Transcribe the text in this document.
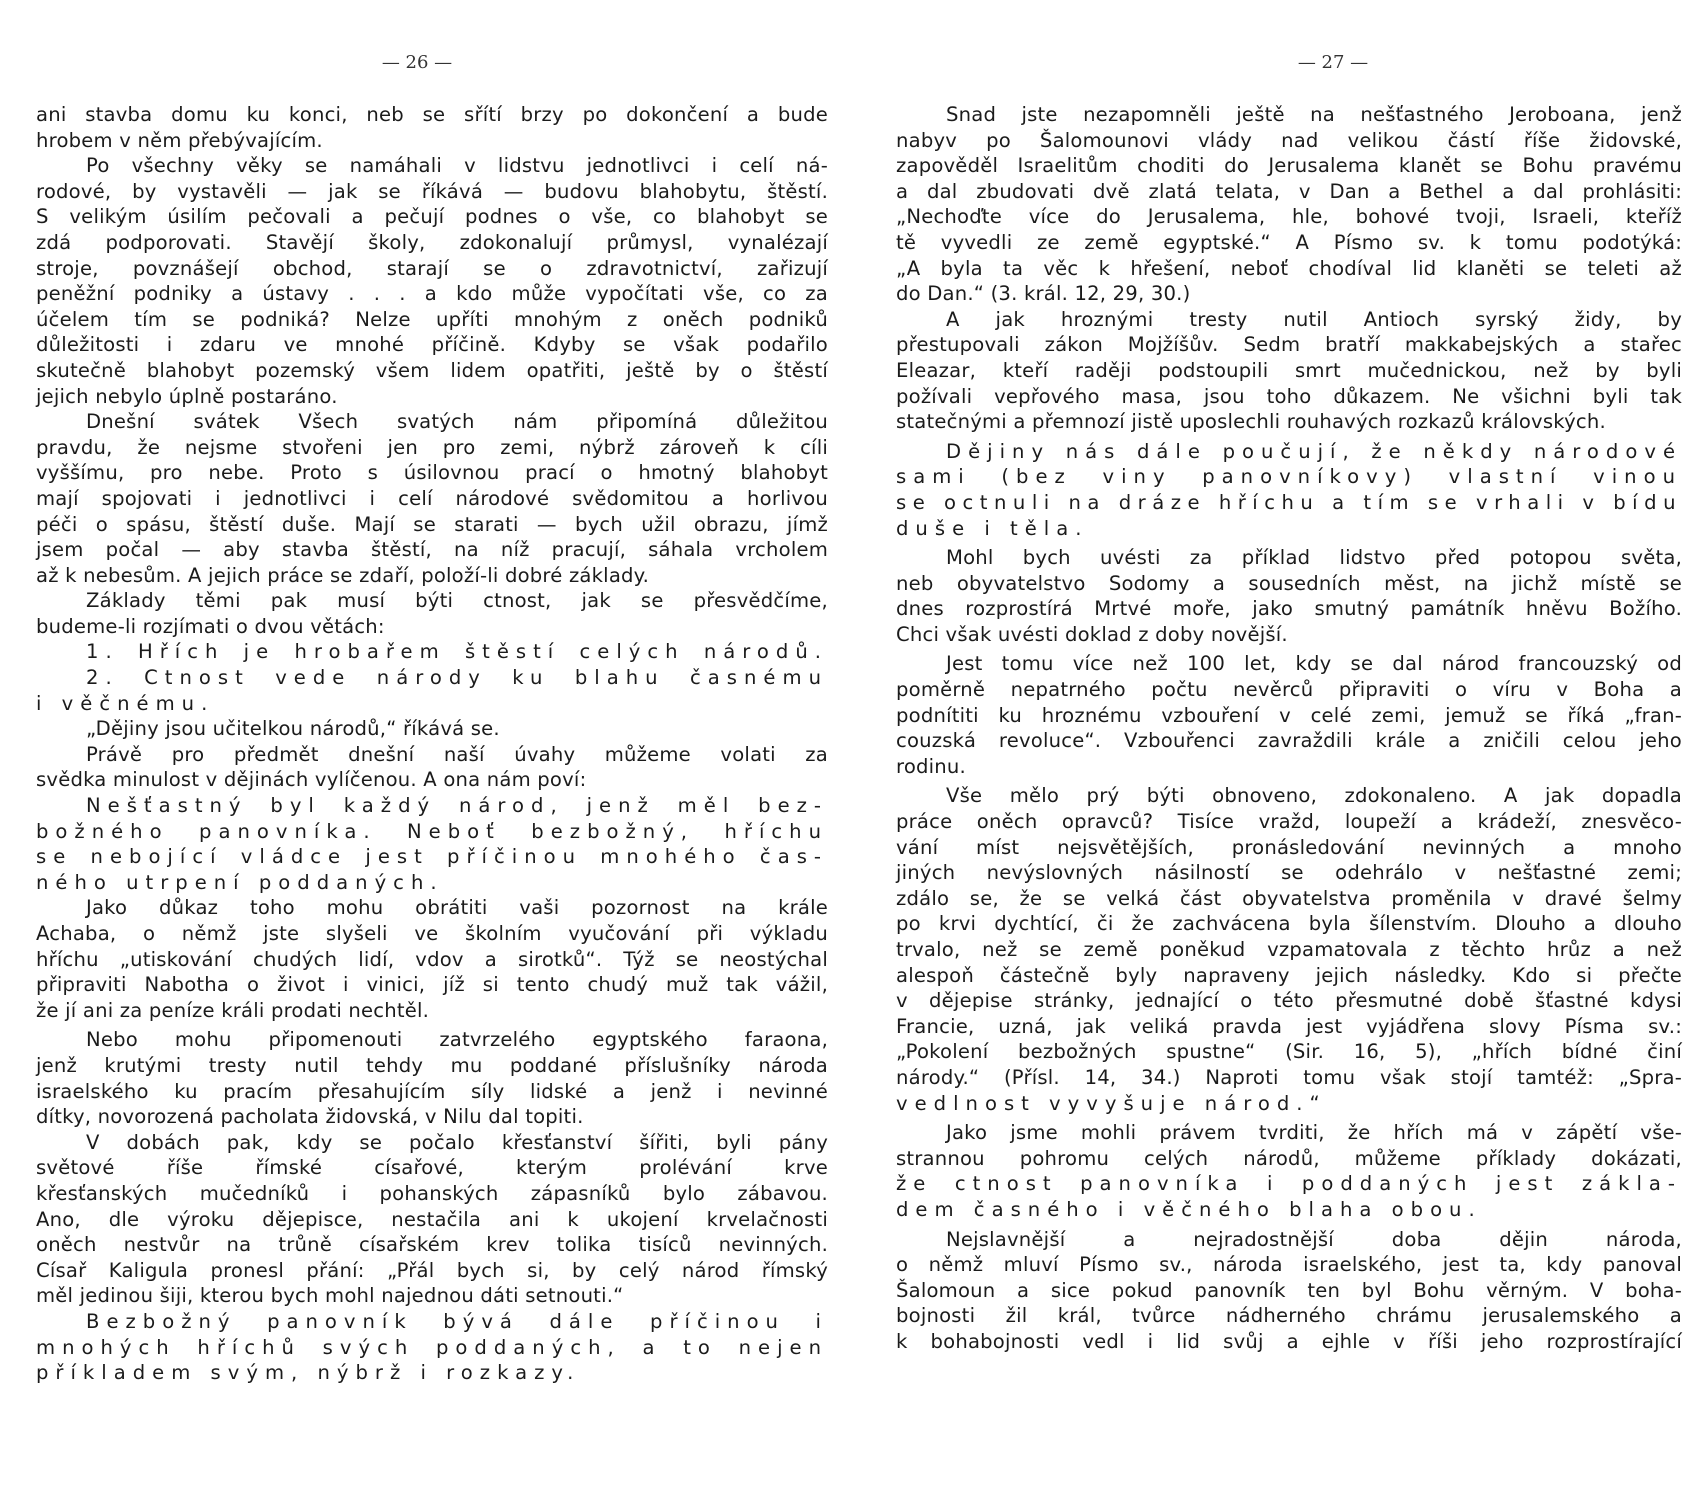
— 26 —
ani stavba domu ku konci, neb se sřítí brzy po dokončení a bude
hrobem v něm přebývajícím.
Po všechny věky se namáhali v lidstvu jednotlivci i celí ná-
rodové, by vystavěli — jak se říkává — budovu blahobytu, štěstí.
S velikým úsilím pečovali a pečují podnes o vše, co blahobyt se
zdá podporovati. Stavějí školy, zdokonalují průmysl, vynalézají
stroje, povznášejí obchod, starají se o zdravotnictví, zařizují
peněžní podniky a ústavy . . . a kdo může vypočítati vše, co za
účelem tím se podniká? Nelze upříti mnohým z oněch podniků
důležitosti i zdaru ve mnohé příčině. Kdyby se však podařilo
skutečně blahobyt pozemský všem lidem opatřiti, ještě by o štěstí
jejich nebylo úplně postaráno.
Dnešní svátek Všech svatých nám připomíná důležitou
pravdu, že nejsme stvořeni jen pro zemi, nýbrž zároveň k cíli
vyššímu, pro nebe. Proto s úsilovnou prací o hmotný blahobyt
mají spojovati i jednotlivci i celí národové svědomitou a horlivou
péči o spásu, štěstí duše. Mají se starati — bych užil obrazu, jímž
jsem počal — aby stavba štěstí, na níž pracují, sáhala vrcholem
až k nebesům. A jejich práce se zdaří, položí-li dobré základy.
Základy těmi pak musí býti ctnost, jak se přesvědčíme,
budeme-li rozjímati o dvou větách:
1. Hřích je hrobařem štěstí celých národů.
2. Ctnost vede národy ku blahu časnému
i věčnému.
„Dějiny jsou učitelkou národů,“ říkává se.
Právě pro předmět dnešní naší úvahy můžeme volati za
svědka minulost v dějinách vylíčenou. A ona nám poví:
Nešťastný byl každý národ, jenž měl bez-
božného panovníka. Neboť bezbožný, hříchu
se nebojící vládce jest příčinou mnohého čas-
ného utrpení poddaných.
Jako důkaz toho mohu obrátiti vaši pozornost na krále
Achaba, o němž jste slyšeli ve školním vyučování při výkladu
hříchu „utiskování chudých lidí, vdov a sirotků“. Týž se neostýchal
připraviti Nabotha o život i vinici, jíž si tento chudý muž tak vážil,
že jí ani za peníze králi prodati nechtěl.
Nebo mohu připomenouti zatvrzelého egyptského faraona,
jenž krutými tresty nutil tehdy mu poddané příslušníky národa
israelského ku pracím přesahujícím síly lidské a jenž i nevinné
dítky, novorozená pacholata židovská, v Nilu dal topiti.
V dobách pak, kdy se počalo křesťanství šířiti, byli pány
světové říše římské císařové, kterým prolévání krve
křesťanských mučedníků i pohanských zápasníků bylo zábavou.
Ano, dle výroku dějepisce, nestačila ani k ukojení krvelačnosti
oněch nestvůr na trůně císařském krev tolika tisíců nevinných.
Císař Kaligula pronesl přání: „Přál bych si, by celý národ římský
měl jedinou šiji, kterou bych mohl najednou dáti setnouti.“
Bezbožný panovník bývá dále příčinou i
mnohých hříchů svých poddaných, a to nejen
příkladem svým, nýbrž i rozkazy.
— 27 —
Snad jste nezapomněli ještě na nešťastného Jeroboana, jenž
nabyv po Šalomounovi vlády nad velikou částí říše židovské,
zapověděl Israelitům choditi do Jerusalema klanět se Bohu pravému
a dal zbudovati dvě zlatá telata, v Dan a Bethel a dal prohlásiti:
„Nechoďte více do Jerusalema, hle, bohové tvoji, Israeli, kteříž
tě vyvedli ze země egyptské.“ A Písmo sv. k tomu podotýká:
„A byla ta věc k hřešení, neboť chodíval lid klaněti se teleti až
do Dan.“ (3. král. 12, 29, 30.)
A jak hroznými tresty nutil Antioch syrský židy, by
přestupovali zákon Mojžíšův. Sedm bratří makkabejských a stařec
Eleazar, kteří raději podstoupili smrt mučednickou, než by byli
požívali vepřového masa, jsou toho důkazem. Ne všichni byli tak
statečnými a přemnozí jistě uposlechli rouhavých rozkazů královských.
Dějiny nás dále poučují, že někdy národové
sami (bez viny panovníkovy) vlastní vinou
se octnuli na dráze hříchu a tím se vrhali v bídu
duše i těla.
Mohl bych uvésti za příklad lidstvo před potopou světa,
neb obyvatelstvo Sodomy a sousedních měst, na jichž místě se
dnes rozprostírá Mrtvé moře, jako smutný památník hněvu Božího.
Chci však uvésti doklad z doby novější.
Jest tomu více než 100 let, kdy se dal národ francouzský od
poměrně nepatrného počtu nevěrců připraviti o víru v Boha a
podnítiti ku hroznému vzbouření v celé zemi, jemuž se říká „fran-
couzská revoluce“. Vzbouřenci zavraždili krále a zničili celou jeho
rodinu.
Vše mělo prý býti obnoveno, zdokonaleno. A jak dopadla
práce oněch opravců? Tisíce vražd, loupeží a krádeží, znesvěco-
vání míst nejsvětějších, pronásledování nevinných a mnoho
jiných nevýslovných násilností se odehrálo v nešťastné zemi;
zdálo se, že se velká část obyvatelstva proměnila v dravé šelmy
po krvi dychtící, či že zachvácena byla šílenstvím. Dlouho a dlouho
trvalo, než se země poněkud vzpamatovala z těchto hrůz a než
alespoň částečně byly napraveny jejich následky. Kdo si přečte
v dějepise stránky, jednající o této přesmutné době šťastné kdysi
Francie, uzná, jak veliká pravda jest vyjádřena slovy Písma sv.:
„Pokolení bezbožných spustne“ (Sir. 16, 5), „hřích bídné činí
národy.“ (Přísl. 14, 34.) Naproti tomu však stojí tamtéž: „Spra-
vedlnost vyvyšuje národ.“
Jako jsme mohli právem tvrditi, že hřích má v zápětí vše-
strannou pohromu celých národů, můžeme příklady dokázati,
že ctnost panovníka i poddaných jest zákla-
dem časného i věčného blaha obou.
Nejslavnější a nejradostnější doba dějin národa,
o němž mluví Písmo sv., národa israelského, jest ta, kdy panoval
Šalomoun a sice pokud panovník ten byl Bohu věrným. V boha-
bojnosti žil král, tvůrce nádherného chrámu jerusalemského a
k bohabojnosti vedl i lid svůj a ejhle v říši jeho rozprostírající
